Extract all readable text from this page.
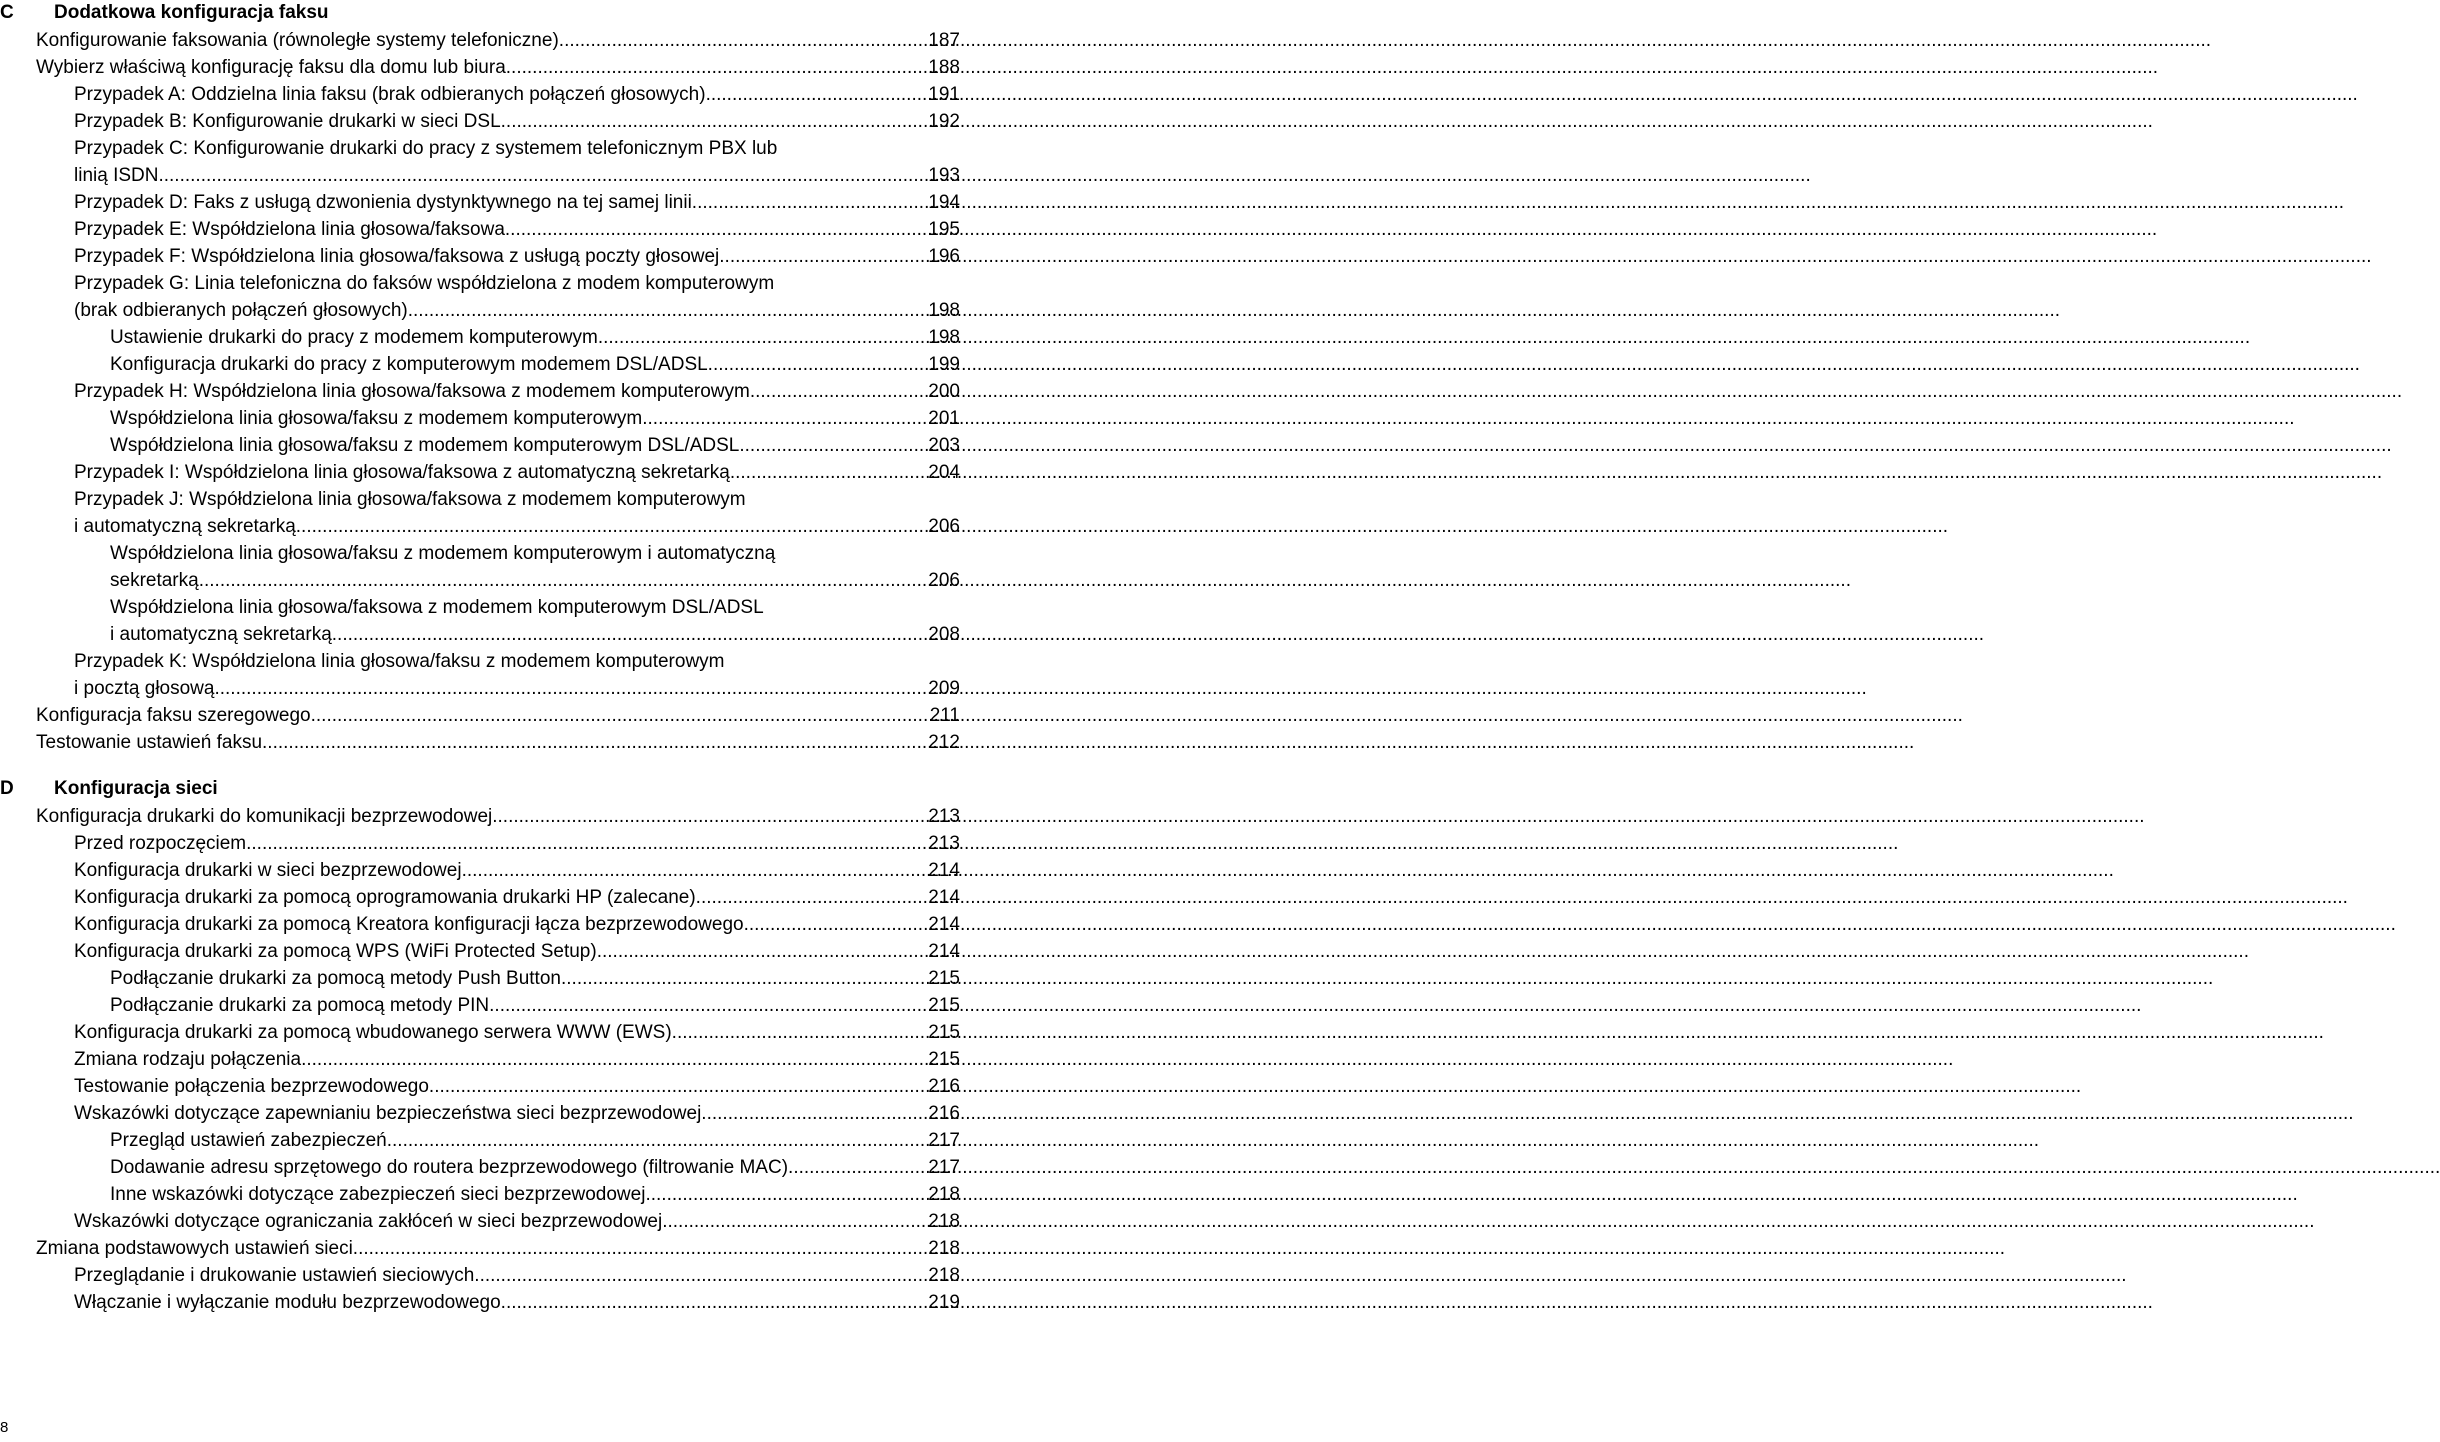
C Dodatkowa konfiguracja faksu
Konfigurowanie faksowania (równoległe systemy telefoniczne). .....	187
Wybierz właściwą konfigurację faksu dla domu lub biura. .....	188
Przypadek A: Oddzielna linia faksu (brak odbieranych połączeń głosowych). .....	191
Przypadek B: Konfigurowanie drukarki w sieci DSL. .....	192
Przypadek C: Konfigurowanie drukarki do pracy z systemem telefonicznym PBX lub
linią ISDN. .....	193
Przypadek D: Faks z usługą dzwonienia dystynktywnego na tej samej linii. .....	194
Przypadek E: Współdzielona linia głosowa/faksowa. .....	195
Przypadek F: Współdzielona linia głosowa/faksowa z usługą poczty głosowej. .....	196
Przypadek G: Linia telefoniczna do faksów współdzielona z modem komputerowym
(brak odbieranych połączeń głosowych). .....	198
Ustawienie drukarki do pracy z modemem komputerowym. .....	198
Konfiguracja drukarki do pracy z komputerowym modemem DSL/ADSL. .....	199
Przypadek H: Współdzielona linia głosowa/faksowa z modemem komputerowym. .....	200
Współdzielona linia głosowa/faksu z modemem komputerowym. .....	201
Współdzielona linia głosowa/faksu z modemem komputerowym DSL/ADSL. .....	203
Przypadek I: Współdzielona linia głosowa/faksowa z automatyczną sekretarką. .....	204
Przypadek J: Współdzielona linia głosowa/faksowa z modemem komputerowym
i automatyczną sekretarką. .....	206
Współdzielona linia głosowa/faksu z modemem komputerowym i automatyczną
sekretarką. .....	206
Współdzielona linia głosowa/faksowa z modemem komputerowym DSL/ADSL
i automatyczną sekretarką. .....	208
Przypadek K: Współdzielona linia głosowa/faksu z modemem komputerowym
i pocztą głosową. .....	209
Konfiguracja faksu szeregowego. .....	211
Testowanie ustawień faksu. .....	212
D Konfiguracja sieci
Konfiguracja drukarki do komunikacji bezprzewodowej. .....	213
Przed rozpoczęciem. .....	213
Konfiguracja drukarki w sieci bezprzewodowej. .....	214
Konfiguracja drukarki za pomocą oprogramowania drukarki HP (zalecane). .....	214
Konfiguracja drukarki za pomocą Kreatora konfiguracji łącza bezprzewodowego. .....	214
Konfiguracja drukarki za pomocą WPS (WiFi Protected Setup). .....	214
Podłączanie drukarki za pomocą metody Push Button. .....	215
Podłączanie drukarki za pomocą metody PIN. .....	215
Konfiguracja drukarki za pomocą wbudowanego serwera WWW (EWS). .....	215
Zmiana rodzaju połączenia. .....	215
Testowanie połączenia bezprzewodowego. .....	216
Wskazówki dotyczące zapewnianiu bezpieczeństwa sieci bezprzewodowej. .....	216
Przegląd ustawień zabezpieczeń. .....	217
Dodawanie adresu sprzętowego do routera bezprzewodowego (filtrowanie MAC). .....	217
Inne wskazówki dotyczące zabezpieczeń sieci bezprzewodowej. .....	218
Wskazówki dotyczące ograniczania zakłóceń w sieci bezprzewodowej. .....	218
Zmiana podstawowych ustawień sieci. .....	218
Przeglądanie i drukowanie ustawień sieciowych. .....	218
Włączanie i wyłączanie modułu bezprzewodowego. .....	219
8
